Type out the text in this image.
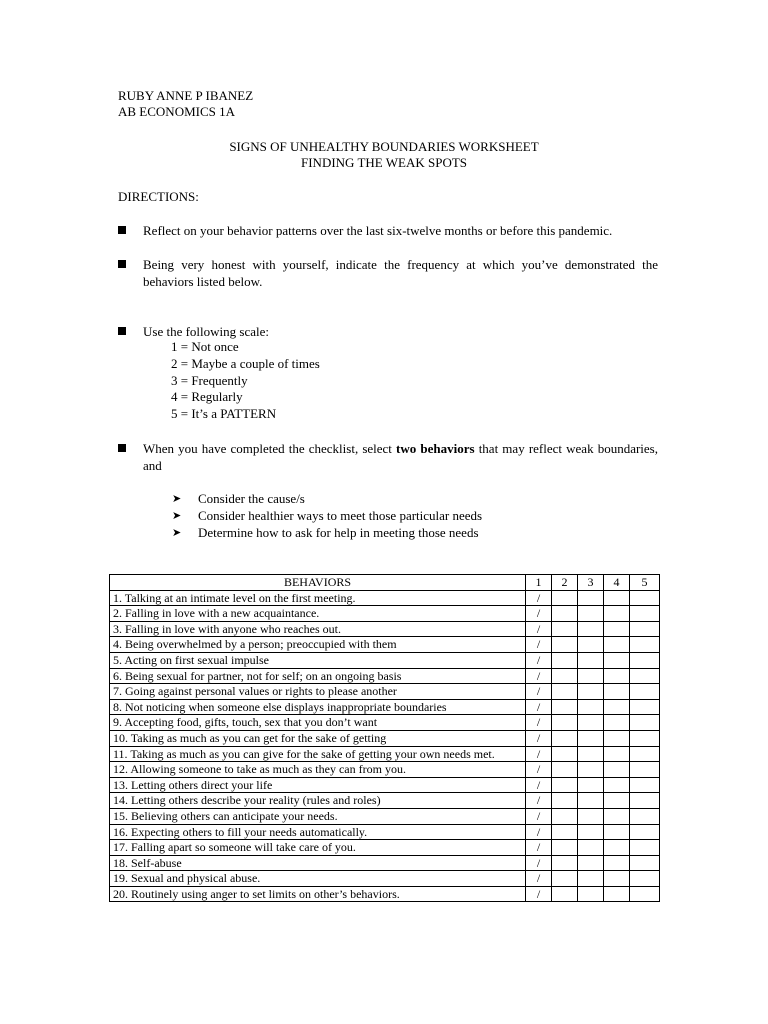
RUBY ANNE P IBANEZ
AB ECONOMICS 1A
SIGNS OF UNHEALTHY BOUNDARIES WORKSHEET
FINDING THE WEAK SPOTS
DIRECTIONS:
Reflect on your behavior patterns over the last six-twelve months or before this pandemic.
Being very honest with yourself, indicate the frequency at which you’ve demonstrated the behaviors listed below.
Use the following scale:
1 = Not once
2 = Maybe a couple of times
3 = Frequently
4 = Regularly
5 = It’s a PATTERN
When you have completed the checklist, select two behaviors that may reflect weak boundaries, and
➤ Consider the cause/s
➤ Consider healthier ways to meet those particular needs
➤ Determine how to ask for help in meeting those needs
BEHAVIORS	1	2	3	4	5
1. Talking at an intimate level on the first meeting.	/				
2. Falling in love with a new acquaintance.	/				
3. Falling in love with anyone who reaches out.	/				
4. Being overwhelmed by a person; preoccupied with them	/				
5. Acting on first sexual impulse	/				
6. Being sexual for partner, not for self; on an ongoing basis	/				
7. Going against personal values or rights to please another	/				
8. Not noticing when someone else displays inappropriate boundaries	/				
9. Accepting food, gifts, touch, sex that you don’t want	/				
10. Taking as much as you can get for the sake of getting	/				
11. Taking as much as you can give for the sake of getting your own needs met.	/				
12. Allowing someone to take as much as they can from you.	/				
13. Letting others direct your life	/				
14. Letting others describe your reality (rules and roles)	/				
15. Believing others can anticipate your needs.	/				
16. Expecting others to fill your needs automatically.	/				
17. Falling apart so someone will take care of you.	/				
18. Self-abuse	/				
19. Sexual and physical abuse.	/				
20. Routinely using anger to set limits on other’s behaviors.	/				
